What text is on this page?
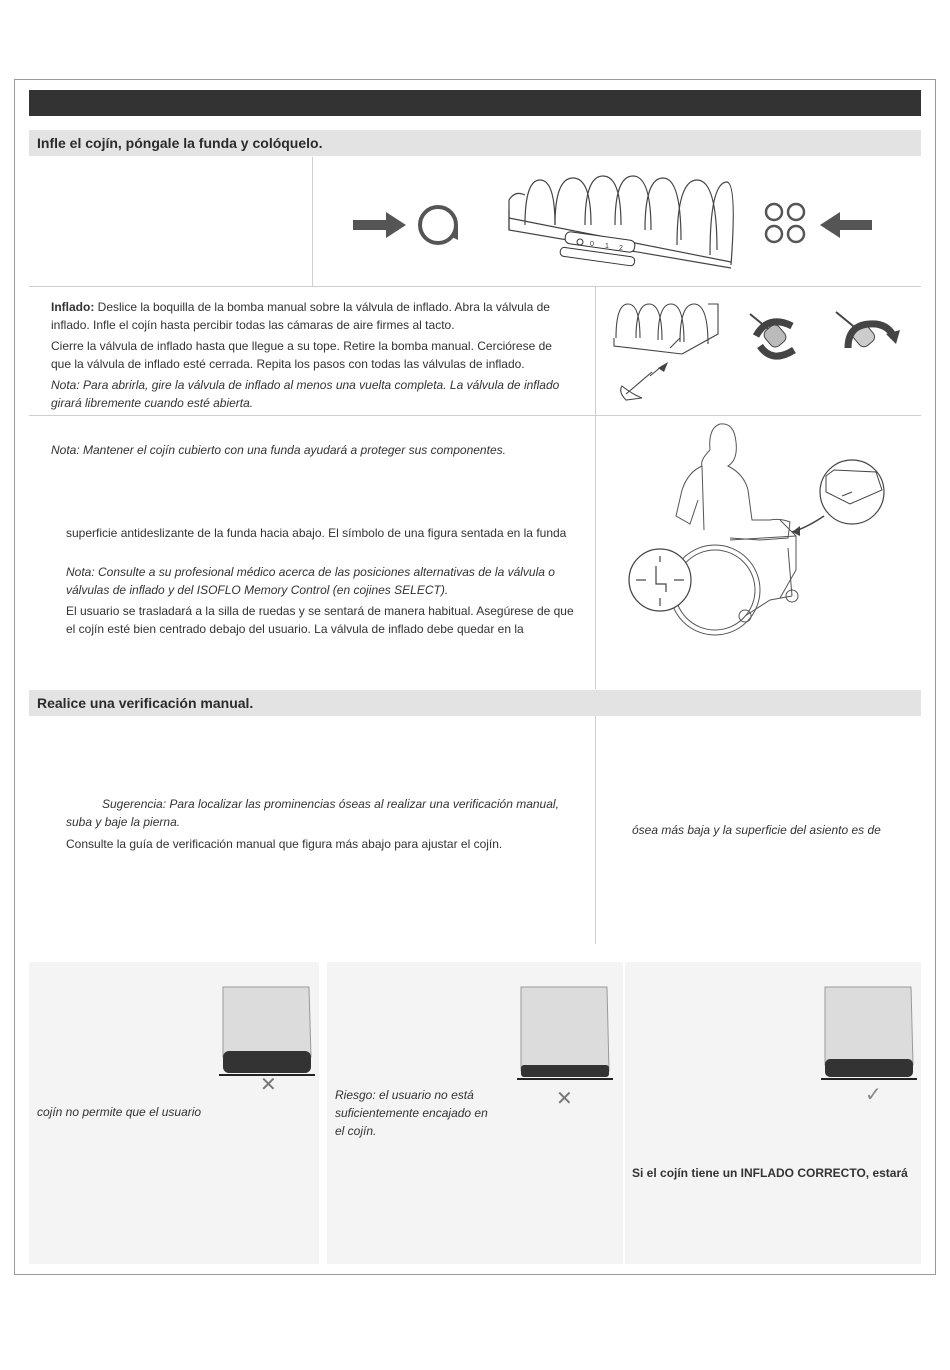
Infle el cojín, póngale la funda y colóquelo.
0 1 2
Inflado: Deslice la boquilla de la bomba manual sobre la válvula de inflado. Abra la válvula de inflado. Infle el cojín hasta percibir todas las cámaras de aire firmes al tacto.
Cierre la válvula de inflado hasta que llegue a su tope. Retire la bomba manual. Cerciórese de que la válvula de inflado esté cerrada. Repita los pasos con todas las válvulas de inflado.
Nota: Para abrirla, gire la válvula de inflado al menos una vuelta completa. La válvula de inflado girará libremente cuando esté abierta.
Nota: Mantener el cojín cubierto con una funda ayudará a proteger sus componentes.
superficie antideslizante de la funda hacia abajo. El símbolo de una figura sentada en la funda
Nota: Consulte a su profesional médico acerca de las posiciones alternativas de la válvula o válvulas de inflado y del ISOFLO Memory Control (en cojines SELECT).
El usuario se trasladará a la silla de ruedas y se sentará de manera habitual. Asegúrese de que el cojín esté bien centrado debajo del usuario. La válvula de inflado debe quedar en la
Realice una verificación manual.
Sugerencia: Para localizar las prominencias óseas al realizar una verificación manual, suba y baje la pierna.
Consulte la guía de verificación manual que figura más abajo para ajustar el cojín.
ósea más baja y la superficie del asiento es de
✕
cojín no permite que el usuario
✕
Riesgo: el usuario no está suficientemente encajado en el cojín.
✓
Si el cojín tiene un INFLADO CORRECTO, estará
